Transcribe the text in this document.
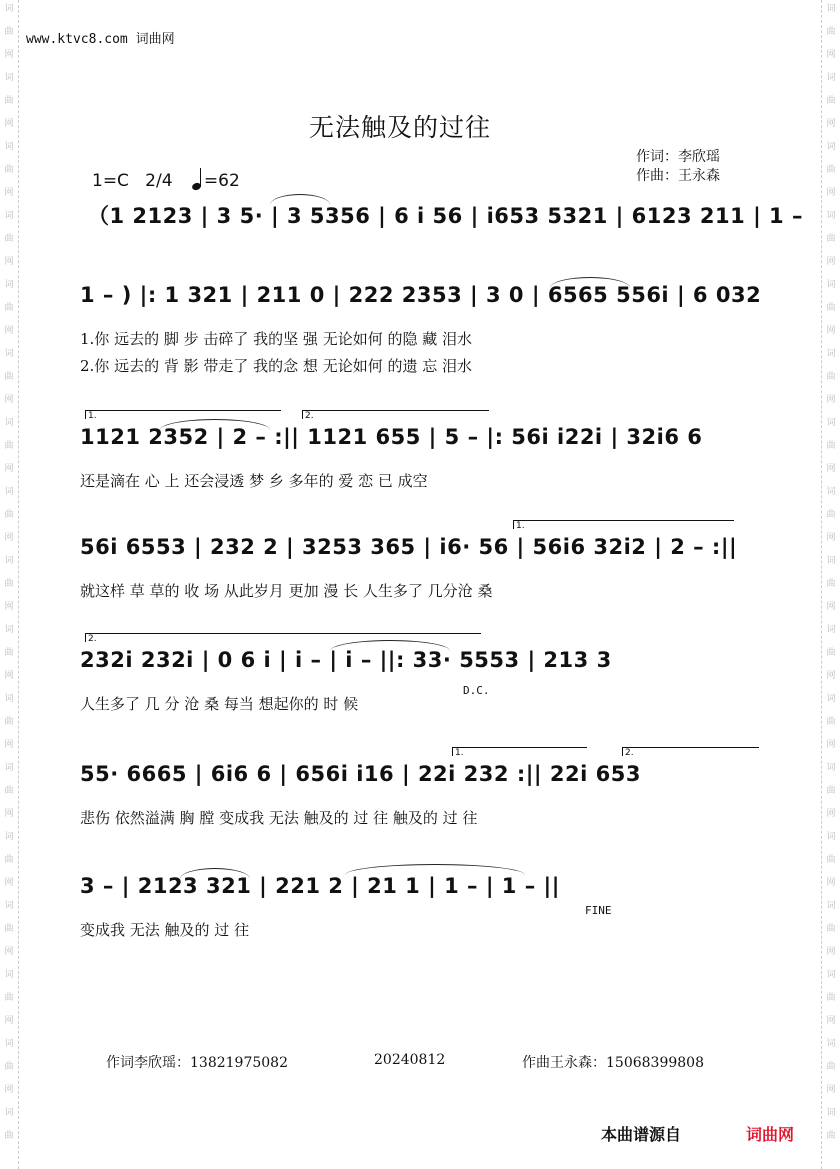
词
曲
网
词
曲
网
词
曲
网
词
曲
网
词
曲
网
词
曲
网
词
曲
网
词
曲
网
词
曲
网
词
曲
网
词
曲
网
词
曲
网
词
曲
网
词
曲
网
词
曲
网
词
曲
网
词
曲
词
曲
网
词
曲
网
词
曲
网
词
曲
网
词
曲
网
词
曲
网
词
曲
网
词
曲
网
词
曲
网
词
曲
网
词
曲
网
词
曲
网
词
曲
网
词
曲
网
词
曲
网
词
曲
网
词
曲
www.ktvc8.com 词曲网
无法触及的过往
作词：李欣瑶
作曲：王永森
1=C 2/4 =62
（1 2123 | 3 5· | 3 5356 | 6 i 56 | i653 5321 | 6123 211 | 1 –
1 – ) |: 1 321 | 211 0 | 222 2353 | 3 0 | 6565 556i | 6 032
1.你 远去的 脚 步 击碎了 我的坚 强 无论如何 的隐 藏 泪水
2.你 远去的 背 影 带走了 我的念 想 无论如何 的遗 忘 泪水
1.	2.
1121 2352 | 2 – :|| 1121 655 | 5 – |: 56i i22i | 32i6 6
还是滴在 心 上 还会浸透 梦 乡 多年的 爱 恋 已 成空
1.
56i 6553 | 232 2 | 3253 365 | i6· 56 | 56i6 32i2 | 2 – :||
就这样 草 草的 收 场 从此岁月 更加 漫 长 人生多了 几分沧 桑
2.
232i 232i | 0 6 i | i – | i – ||: 33· 5553 | 213 3
D.C.
人生多了 几 分 沧 桑 每当 想起你的 时 候
1.	2.
55· 6665 | 6i6 6 | 656i i16 | 22i 232 :|| 22i 653
悲伤 依然溢满 胸 膛 变成我 无法 触及的 过 往 触及的 过 往
3 – | 2123 321 | 221 2 | 21 1 | 1 – | 1 – ||
FINE
变成我 无法 触及的 过 往
作词李欣瑶：13821975082	20240812	作曲王永森：15068399808
本曲谱源自	词曲网
